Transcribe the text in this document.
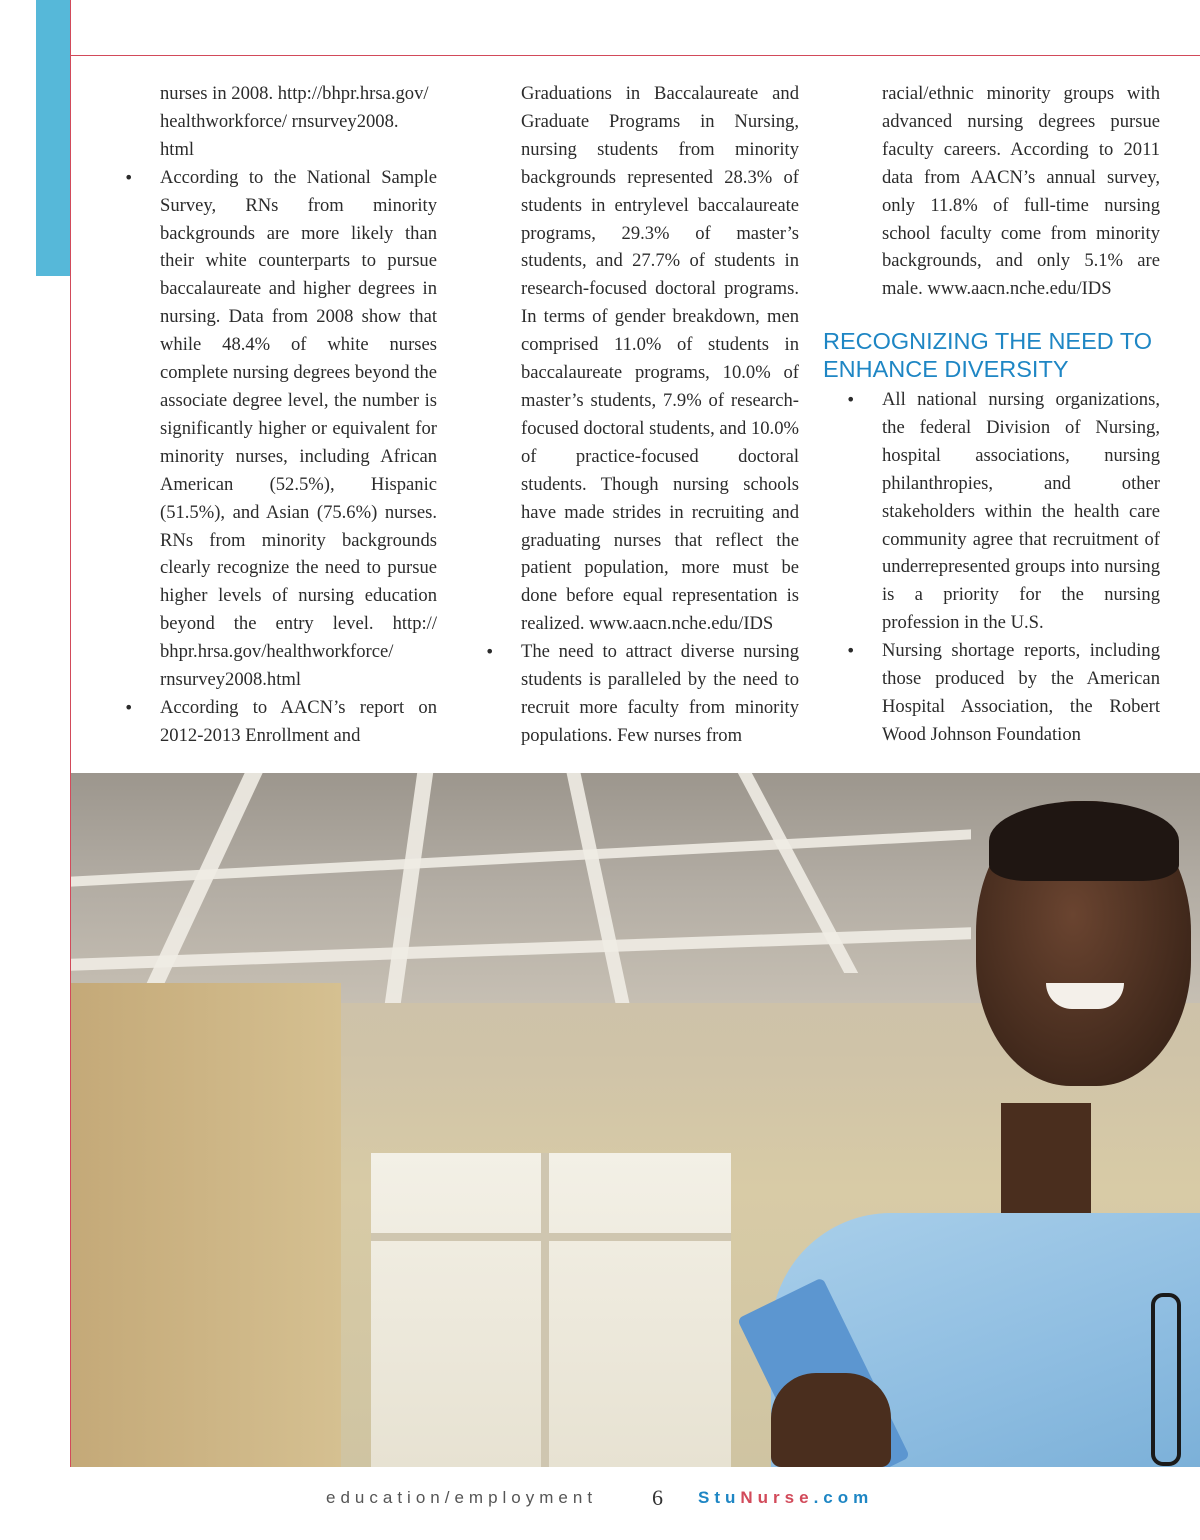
nurses in 2008. http://bhpr.hrsa.gov/ healthworkforce/ rnsurvey2008. html

• According to the National Sample Survey, RNs from minority backgrounds are more likely than their white counterparts to pursue baccalaureate and higher degrees in nursing. Data from 2008 show that while 48.4% of white nurses complete nursing degrees beyond the associate degree level, the number is significantly higher or equivalent for minority nurses, including African American (52.5%), Hispanic (51.5%), and Asian (75.6%) nurses. RNs from minority backgrounds clearly recognize the need to pursue higher levels of nursing education beyond the entry level. http:// bhpr.hrsa.gov/healthworkforce/ rnsurvey2008.html
• According to AACN’s report on 2012-2013 Enrollment and

Graduations in Baccalaureate and Graduate Programs in Nursing, nursing students from minority backgrounds represented 28.3% of students in entrylevel baccalaureate programs, 29.3% of master’s students, and 27.7% of students in research-focused doctoral programs. In terms of gender breakdown, men comprised 11.0% of students in baccalaureate programs, 10.0% of master’s students, 7.9% of research-focused doctoral students, and 10.0% of practice-focused doctoral students. Though nursing schools have made strides in recruiting and graduating nurses that reflect the patient population, more must be done before equal representation is realized. www.aacn.nche.edu/IDS

• The need to attract diverse nursing students is paralleled by the need to recruit more faculty from minority populations. Few nurses from

racial/ethnic minority groups with advanced nursing degrees pursue faculty careers. According to 2011 data from AACN’s annual survey, only 11.8% of full-time nursing school faculty come from minority backgrounds, and only 5.1% are male. www.aacn.nche.edu/IDS

RECOGNIZING THE NEED TO ENHANCE DIVERSITY
• All national nursing organizations, the federal Division of Nursing, hospital associations, nursing philanthropies, and other stakeholders within the health care community agree that recruitment of underrepresented groups into nursing is a priority for the nursing profession in the U.S.
• Nursing shortage reports, including those produced by the American Hospital Association, the Robert Wood Johnson Foundation
education/employment 6 StuNurse.com
